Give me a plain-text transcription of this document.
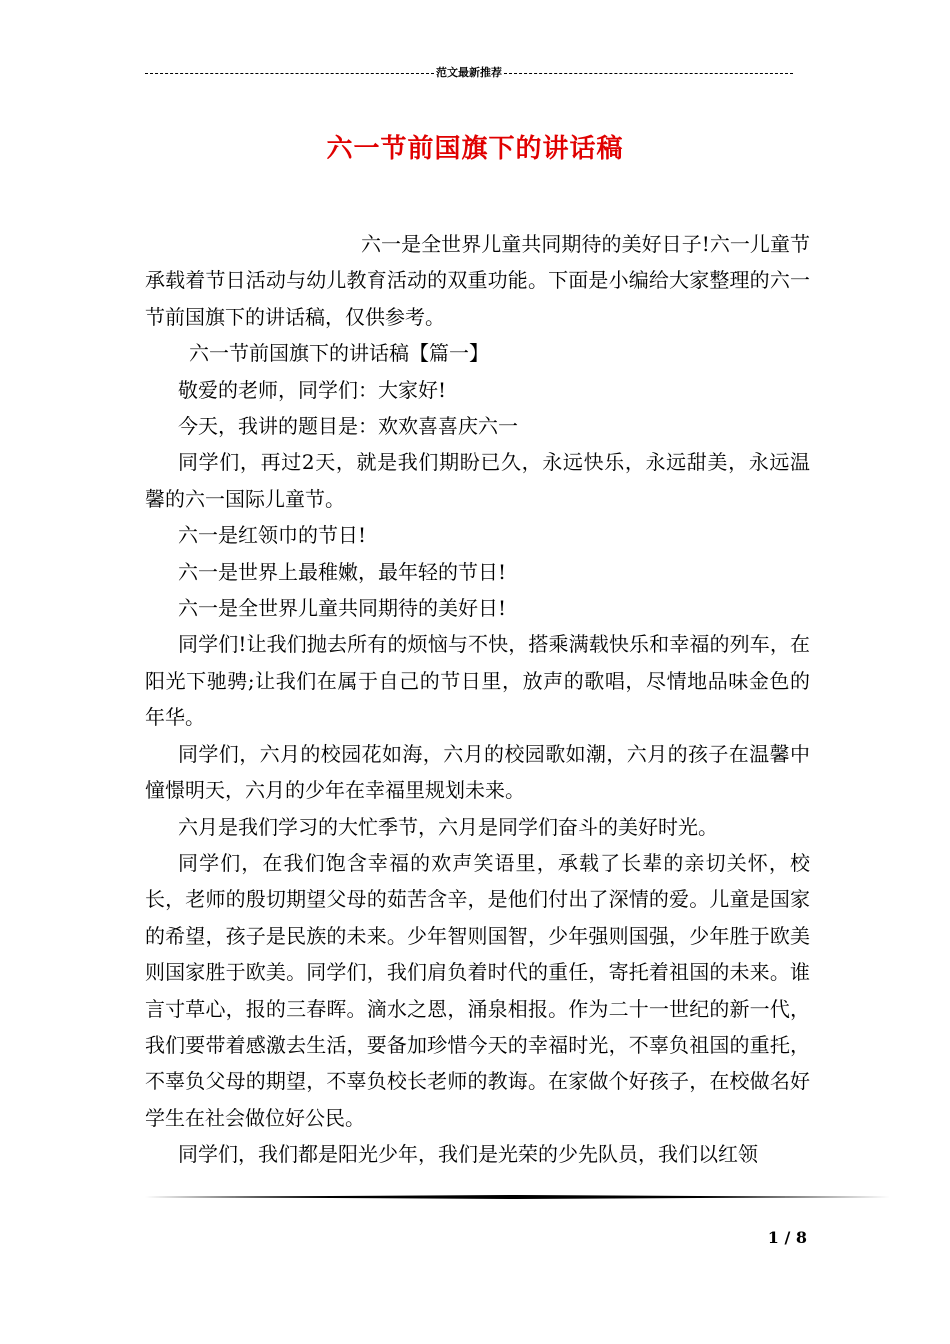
范文最新推荐
六一节前国旗下的讲话稿

六一是全世界儿童共同期待的美好日子!六一儿童节承载着节日活动与幼儿教育活动的双重功能。下面是小编给大家整理的六一节前国旗下的讲话稿，仅供参考。

六一节前国旗下的讲话稿【篇一】

敬爱的老师，同学们：大家好!

今天，我讲的题目是：欢欢喜喜庆六一

同学们，再过2天，就是我们期盼已久，永远快乐，永远甜美，永远温馨的六一国际儿童节。

六一是红领巾的节日!

六一是世界上最稚嫩，最年轻的节日!

六一是全世界儿童共同期待的美好日!

同学们!让我们抛去所有的烦恼与不快，搭乘满载快乐和幸福的列车，在阳光下驰骋;让我们在属于自己的节日里，放声的歌唱，尽情地品味金色的年华。

同学们，六月的校园花如海，六月的校园歌如潮，六月的孩子在温馨中憧憬明天，六月的少年在幸福里规划未来。

六月是我们学习的大忙季节，六月是同学们奋斗的美好时光。

同学们，在我们饱含幸福的欢声笑语里，承载了长辈的亲切关怀，校长，老师的殷切期望父母的茹苦含辛，是他们付出了深情的爱。儿童是国家的希望，孩子是民族的未来。少年智则国智，少年强则国强，少年胜于欧美则国家胜于欧美。同学们，我们肩负着时代的重任，寄托着祖国的未来。谁言寸草心，报的三春晖。滴水之恩，涌泉相报。作为二十一世纪的新一代，我们要带着感激去生活，要备加珍惜今天的幸福时光，不辜负祖国的重托，不辜负父母的期望，不辜负校长老师的教诲。在家做个好孩子，在校做名好学生在社会做位好公民。

同学们，我们都是阳光少年，我们是光荣的少先队员，我们以红领

1 / 8
